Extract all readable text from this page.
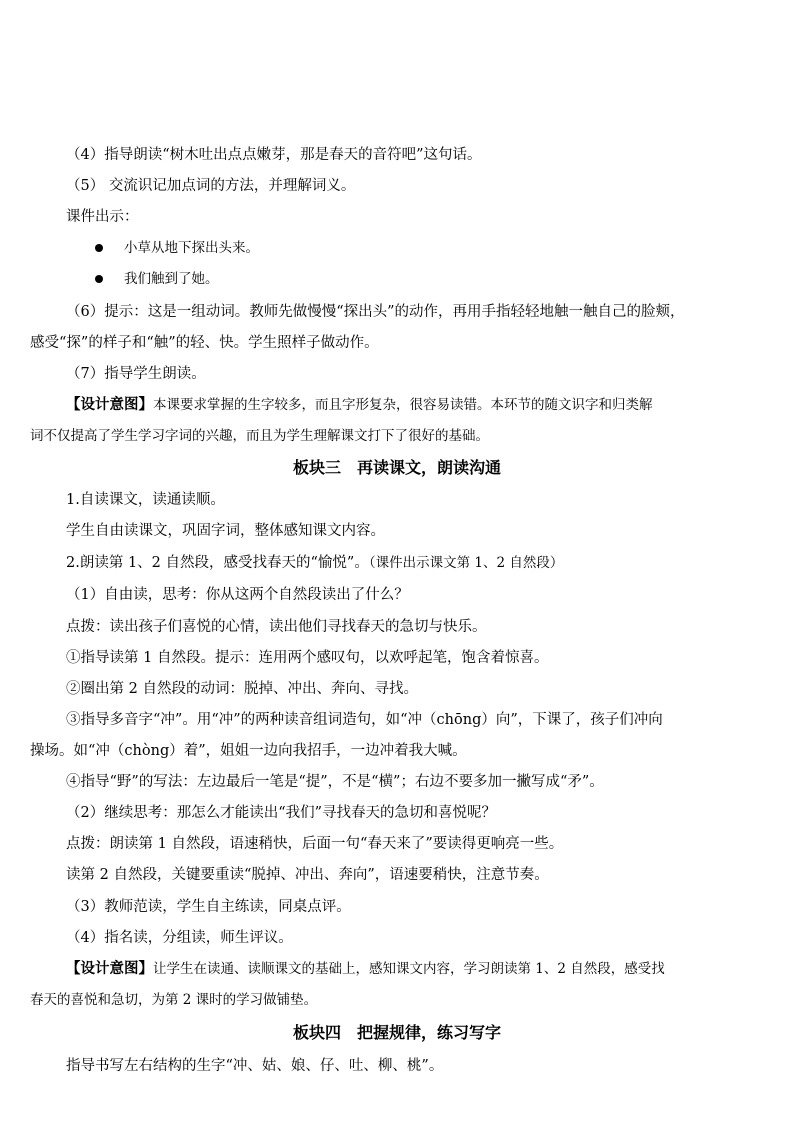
（4）指导朗读“树木吐出点点嫩芽，那是春天的音符吧”这句话。
（5） 交流识记加点词的方法，并理解词义。
课件出示：
小草从地下探出头来。
我们触到了她。
（6）提示：这是一组动词。教师先做慢慢“探出头”的动作，再用手指轻轻地触一触自己的脸颊，
感受“探”的样子和“触”的轻、快。学生照样子做动作。
（7）指导学生朗读。
【设计意图】本课要求掌握的生字较多，而且字形复杂，很容易读错。本环节的随文识字和归类解
词不仅提高了学生学习字词的兴趣，而且为学生理解课文打下了很好的基础。
板块三　再读课文，朗读沟通
1.自读课文，读通读顺。
学生自由读课文，巩固字词，整体感知课文内容。
2.朗读第 1、2 自然段，感受找春天的“愉悦”。（课件出示课文第 1、2 自然段）
（1）自由读，思考：你从这两个自然段读出了什么？
点拨：读出孩子们喜悦的心情，读出他们寻找春天的急切与快乐。
①指导读第 1 自然段。提示：连用两个感叹句，以欢呼起笔，饱含着惊喜。
②圈出第 2 自然段的动词：脱掉、冲出、奔向、寻找。
③指导多音字“冲”。用“冲”的两种读音组词造句，如“冲（chōng）向”，下课了，孩子们冲向
操场。如“冲（chòng）着”，姐姐一边向我招手，一边冲着我大喊。
④指导“野”的写法：左边最后一笔是“提”，不是“横”；右边不要多加一撇写成“矛”。
（2）继续思考：那怎么才能读出“我们”寻找春天的急切和喜悦呢？
点拨：朗读第 1 自然段，语速稍快，后面一句“春天来了”要读得更响亮一些。
读第 2 自然段，关键要重读“脱掉、冲出、奔向”，语速要稍快，注意节奏。
（3）教师范读，学生自主练读，同桌点评。
（4）指名读，分组读，师生评议。
【设计意图】让学生在读通、读顺课文的基础上，感知课文内容，学习朗读第 1、2 自然段，感受找
春天的喜悦和急切，为第 2 课时的学习做铺垫。
板块四　把握规律，练习写字
指导书写左右结构的生字“冲、姑、娘、仔、吐、柳、桃”。
